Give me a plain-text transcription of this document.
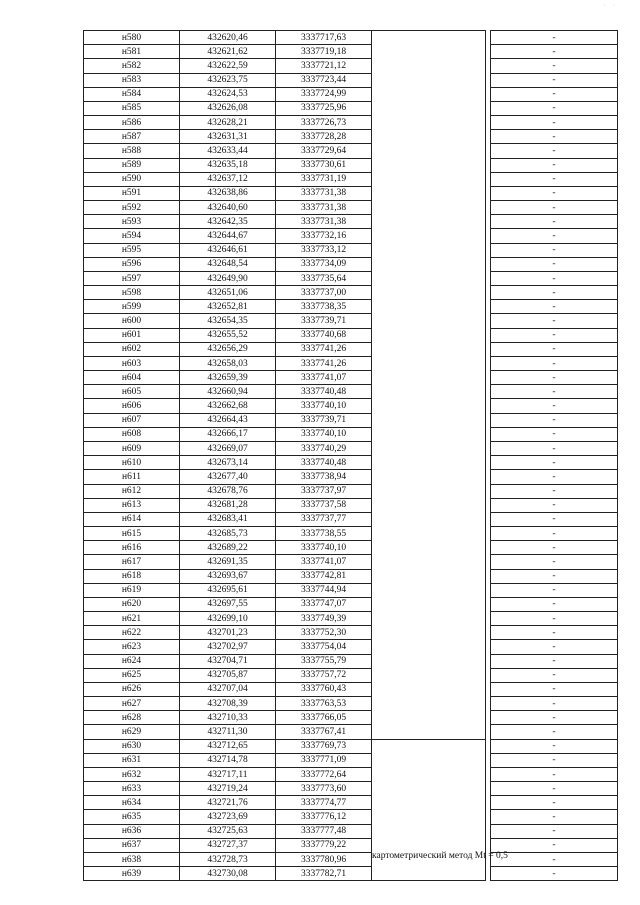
· ·
н580	432620,46	3337717,63			-
н581	432621,62	3337719,18			-
н582	432622,59	3337721,12			-
н583	432623,75	3337723,44			-
н584	432624,53	3337724,99			-
н585	432626,08	3337725,96			-
н586	432628,21	3337726,73			-
н587	432631,31	3337728,28			-
н588	432633,44	3337729,64			-
н589	432635,18	3337730,61			-
н590	432637,12	3337731,19			-
н591	432638,86	3337731,38			-
н592	432640,60	3337731,38			-
н593	432642,35	3337731,38			-
н594	432644,67	3337732,16			-
н595	432646,61	3337733,12			-
н596	432648,54	3337734,09			-
н597	432649,90	3337735,64			-
н598	432651,06	3337737,00			-
н599	432652,81	3337738,35			-
н600	432654,35	3337739,71			-
н601	432655,52	3337740,68			-
н602	432656,29	3337741,26			-
н603	432658,03	3337741,26			-
н604	432659,39	3337741,07			-
н605	432660,94	3337740,48			-
н606	432662,68	3337740,10			-
н607	432664,43	3337739,71			-
н608	432666,17	3337740,10			-
н609	432669,07	3337740,29			-
н610	432673,14	3337740,48			-
н611	432677,40	3337738,94			-
н612	432678,76	3337737,97			-
н613	432681,28	3337737,58			-
н614	432683,41	3337737,77			-
н615	432685,73	3337738,55			-
н616	432689,22	3337740,10			-
н617	432691,35	3337741,07			-
н618	432693,67	3337742,81			-
н619	432695,61	3337744,94			-
н620	432697,55	3337747,07			-
н621	432699,10	3337749,39			-
н622	432701,23	3337752,30			-
н623	432702,97	3337754,04			-
н624	432704,71	3337755,79			-
н625	432705,87	3337757,72			-
н626	432707,04	3337760,43			-
н627	432708,39	3337763,53			-
н628	432710,33	3337766,05			-
н629	432711,30	3337767,41			-
н630	432712,65	3337769,73	картометрический метод Mt = 0,5		-
н631	432714,78	3337771,09			-
н632	432717,11	3337772,64			-
н633	432719,24	3337773,60			-
н634	432721,76	3337774,77			-
н635	432723,69	3337776,12			-
н636	432725,63	3337777,48			-
н637	432727,37	3337779,22			-
н638	432728,73	3337780,96			-
н639	432730,08	3337782,71			-
